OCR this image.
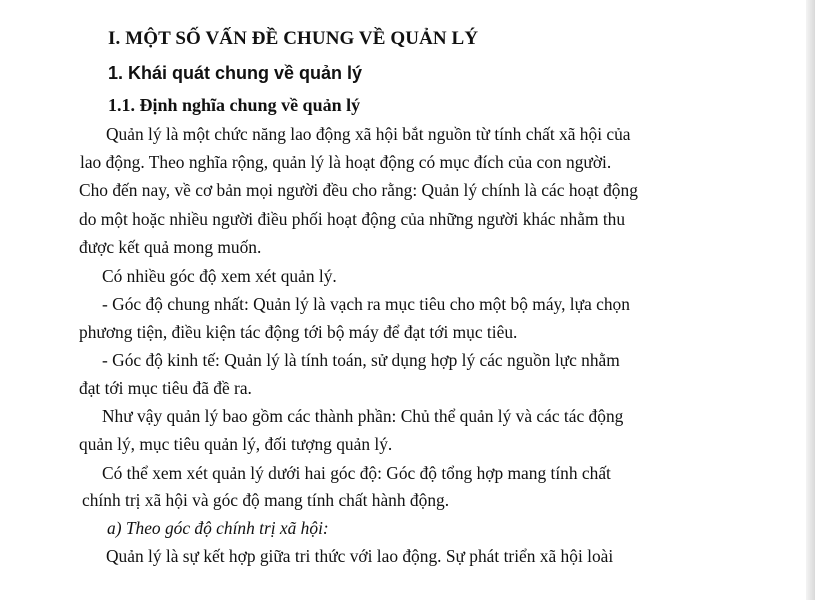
I. MỘT SỐ VẤN ĐỀ CHUNG VỀ QUẢN LÝ
1. Khái quát chung về quản lý
1.1. Định nghĩa chung về quản lý
Quản lý là một chức năng lao động xã hội bắt nguồn từ tính chất xã hội của
lao động. Theo nghĩa rộng, quản lý là hoạt động có mục đích của con người.
Cho đến nay, về cơ bản mọi người đều cho rằng: Quản lý chính là các hoạt động
do một hoặc nhiều người điều phối hoạt động của những người khác nhằm thu
được kết quả mong muốn.
Có nhiều góc độ xem xét quản lý.
- Góc độ chung nhất: Quản lý là vạch ra mục tiêu cho một bộ máy, lựa chọn
phương tiện, điều kiện tác động tới bộ máy để đạt tới mục tiêu.
- Góc độ kinh tế: Quản lý là tính toán, sử dụng hợp lý các nguồn lực nhằm
đạt tới mục tiêu đã đề ra.
Như vậy quản lý bao gồm các thành phần: Chủ thể quản lý và các tác động
quản lý, mục tiêu quản lý, đối tượng quản lý.
Có thể xem xét quản lý dưới hai góc độ: Góc độ tổng hợp mang tính chất
chính trị xã hội và góc độ mang tính chất hành động.
a) Theo góc độ chính trị xã hội:
Quản lý là sự kết hợp giữa tri thức với lao động. Sự phát triển xã hội loài
